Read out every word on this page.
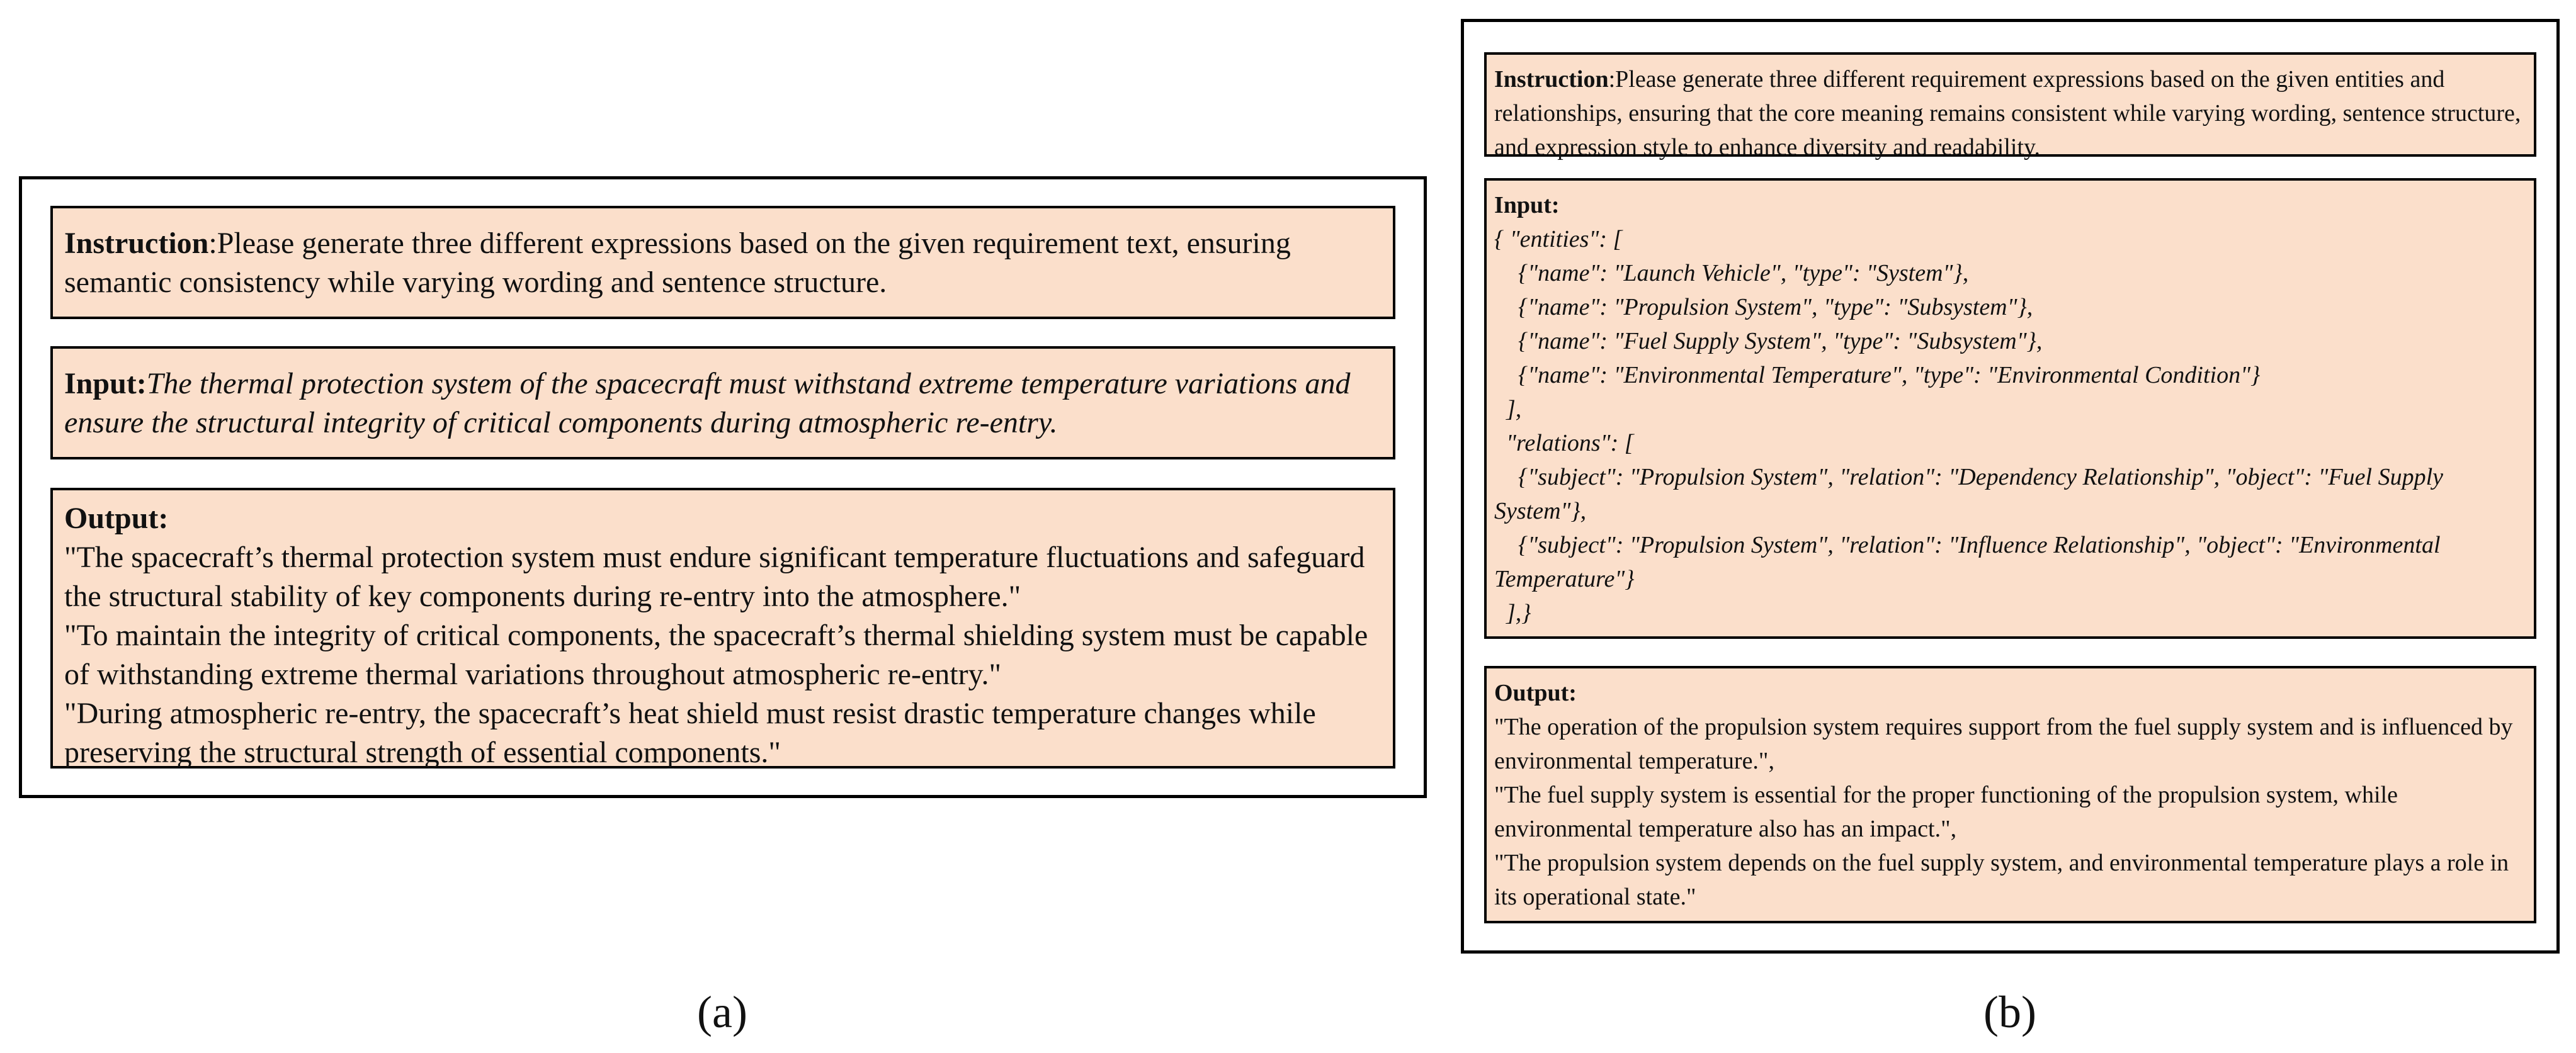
Instruction:Please generate three different expressions based on the given requirement text, ensuring semantic consistency while varying wording and sentence structure.
Input:The thermal protection system of the spacecraft must withstand extreme temperature variations and ensure the structural integrity of critical components during atmospheric re-entry.
Output:
"The spacecraft’s thermal protection system must endure significant temperature fluctuations and safeguard the structural stability of key components during re-entry into the atmosphere."
"To maintain the integrity of critical components, the spacecraft’s thermal shielding system must be capable of withstanding extreme thermal variations throughout atmospheric re-entry."
"During atmospheric re-entry, the spacecraft’s heat shield must resist drastic temperature changes while preserving the structural strength of essential components."
Instruction:Please generate three different requirement expressions based on the given entities and relationships, ensuring that the core meaning remains consistent while varying wording, sentence structure, and expression style to enhance diversity and readability.
Input:
{ "entities": [
{"name": "Launch Vehicle", "type": "System"},
{"name": "Propulsion System", "type": "Subsystem"},
{"name": "Fuel Supply System", "type": "Subsystem"},
{"name": "Environmental Temperature", "type": "Environmental Condition"}
],
"relations": [
{"subject": "Propulsion System", "relation": "Dependency Relationship", "object": "Fuel Supply System"},
{"subject": "Propulsion System", "relation": "Influence Relationship", "object": "Environmental Temperature"}
],}
Output:
"The operation of the propulsion system requires support from the fuel supply system and is influenced by environmental temperature.",
"The fuel supply system is essential for the proper functioning of the propulsion system, while environmental temperature also has an impact.",
"The propulsion system depends on the fuel supply system, and environmental temperature plays a role in its operational state."
(a)	(b)
